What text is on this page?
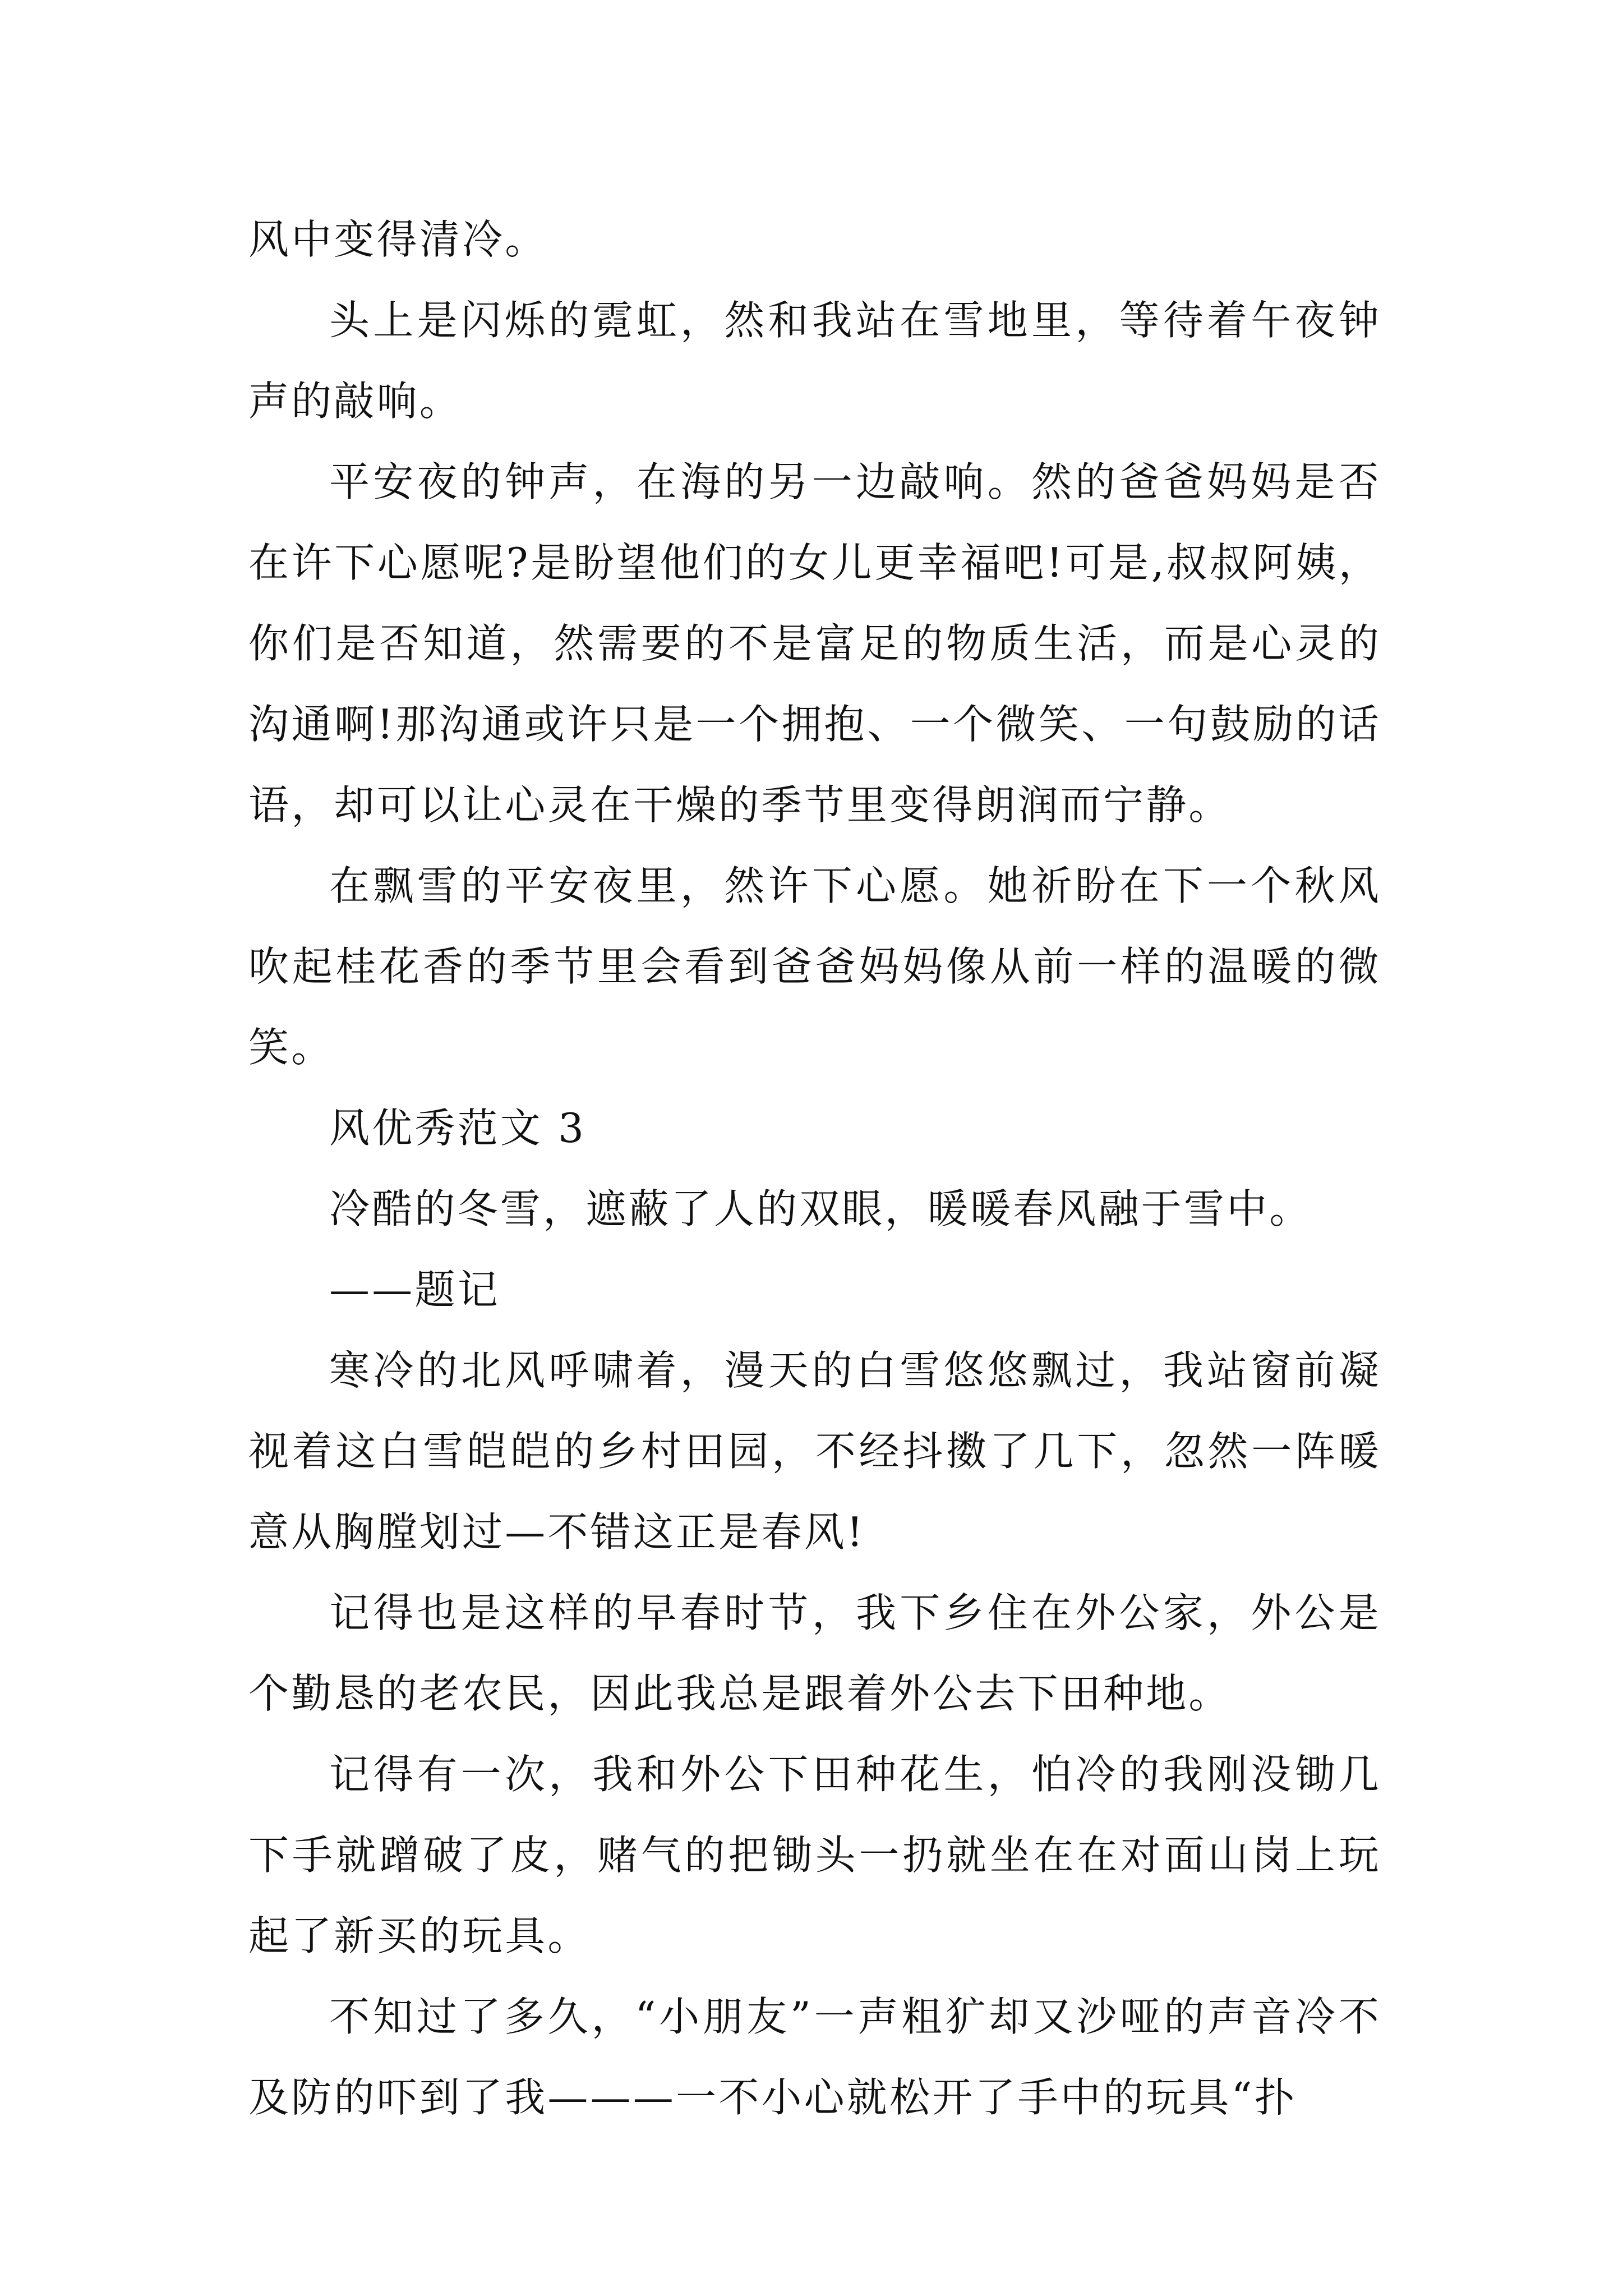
风中变得清冷。

头上是闪烁的霓虹，然和我站在雪地里，等待着午夜钟声的敲响。

平安夜的钟声，在海的另一边敲响。然的爸爸妈妈是否在许下心愿呢?是盼望他们的女儿更幸福吧!可是,叔叔阿姨，你们是否知道，然需要的不是富足的物质生活，而是心灵的沟通啊!那沟通或许只是一个拥抱、一个微笑、一句鼓励的话语，却可以让心灵在干燥的季节里变得朗润而宁静。

在飘雪的平安夜里，然许下心愿。她祈盼在下一个秋风吹起桂花香的季节里会看到爸爸妈妈像从前一样的温暖的微笑。

风优秀范文 3

冷酷的冬雪，遮蔽了人的双眼，暖暖春风融于雪中。

——题记

寒冷的北风呼啸着，漫天的白雪悠悠飘过，我站窗前凝视着这白雪皑皑的乡村田园，不经抖擞了几下，忽然一阵暖意从胸膛划过—不错这正是春风!

记得也是这样的早春时节，我下乡住在外公家，外公是个勤恳的老农民，因此我总是跟着外公去下田种地。

记得有一次，我和外公下田种花生，怕冷的我刚没锄几下手就蹭破了皮，赌气的把锄头一扔就坐在在对面山岗上玩起了新买的玩具。

不知过了多久，“小朋友”一声粗犷却又沙哑的声音冷不及防的吓到了我———一不小心就松开了手中的玩具“扑
